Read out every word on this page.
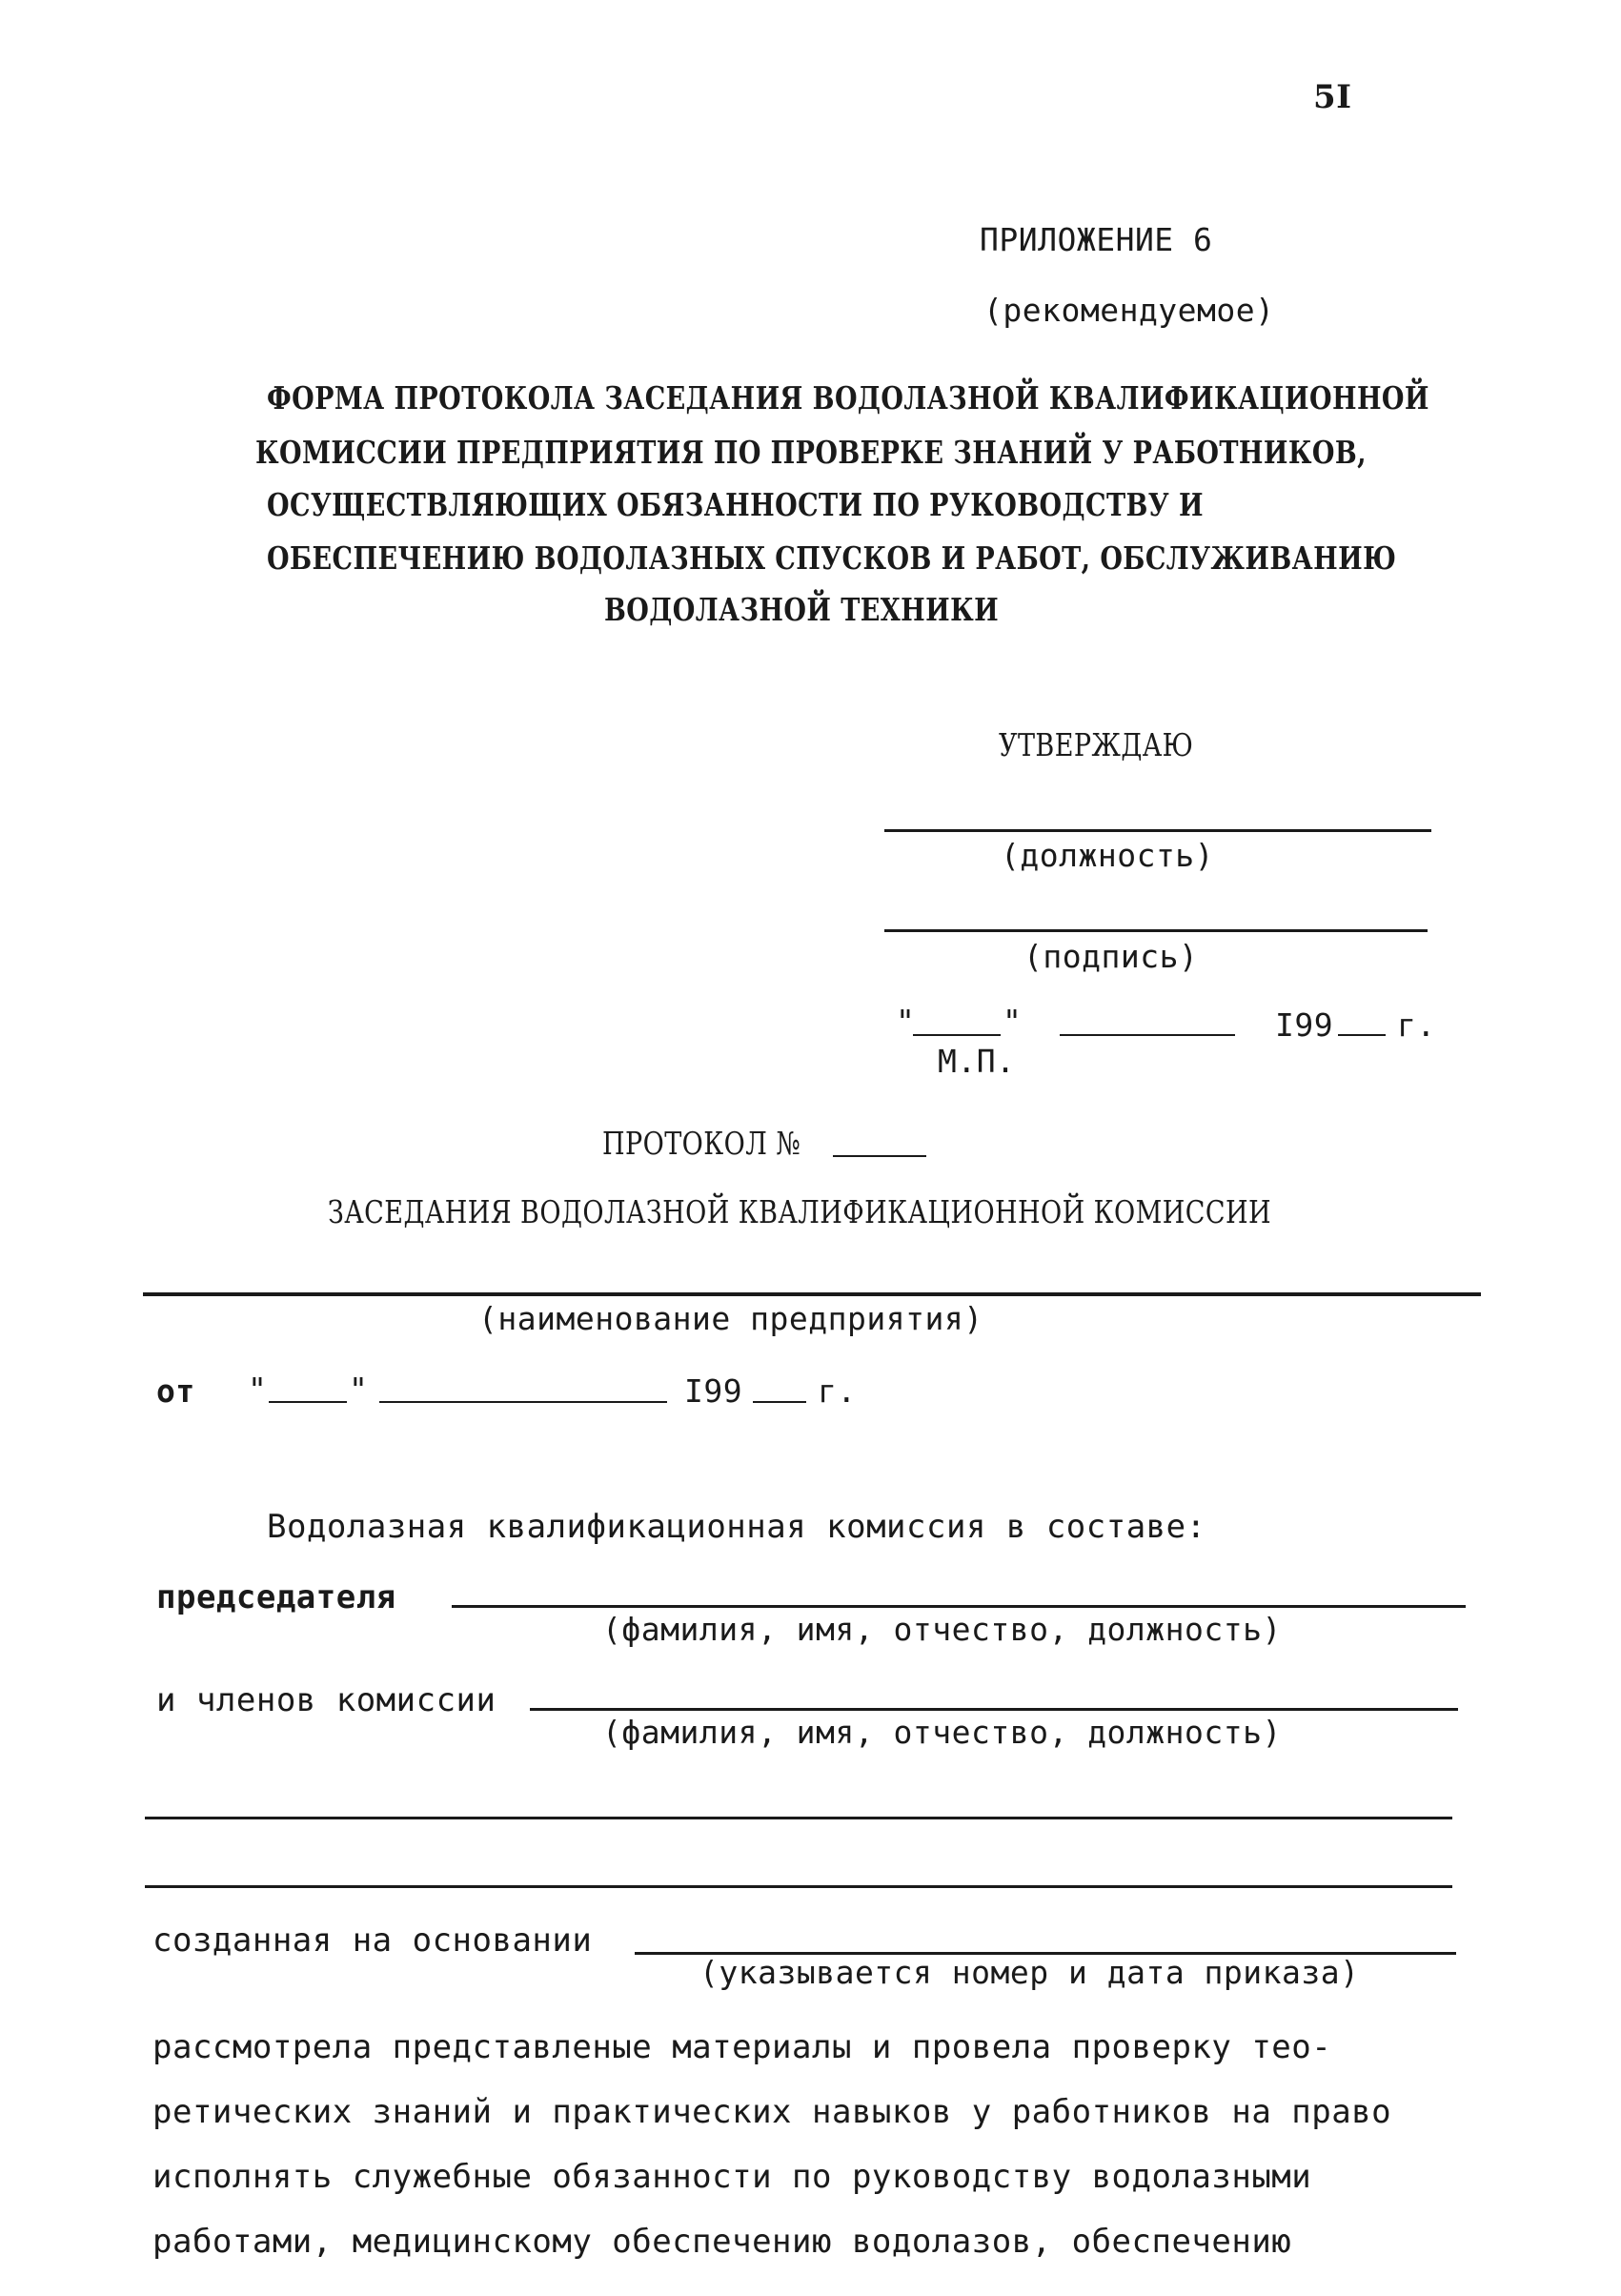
5I
ПРИЛОЖЕНИЕ 6
(рекомендуемое)
ФОРМА ПРОТОКОЛА ЗАСЕДАНИЯ ВОДОЛАЗНОЙ КВАЛИФИКАЦИОННОЙ
КОМИССИИ ПРЕДПРИЯТИЯ ПО ПРОВЕРКЕ ЗНАНИЙ У РАБОТНИКОВ,
ОСУЩЕСТВЛЯЮЩИХ ОБЯЗАННОСТИ ПО РУКОВОДСТВУ И
ОБЕСПЕЧЕНИЮ ВОДОЛАЗНЫХ СПУСКОВ И РАБОТ, ОБСЛУЖИВАНИЮ
ВОДОЛАЗНОЙ ТЕХНИКИ
УТВЕРЖДАЮ
(должность)
(подпись)
"	"	I99 г.
М.П.
ПРОТОКОЛ №
ЗАСЕДАНИЯ ВОДОЛАЗНОЙ КВАЛИФИКАЦИОННОЙ КОМИССИИ
(наименование предприятия)
от "	"	I99 г.
Водолазная квалификационная комиссия в составе:
председателя
(фамилия, имя, отчество, должность)
и членов комиссии
(фамилия, имя, отчество, должность)
созданная на основании
(указывается номер и дата приказа)
рассмотрела представленые материалы и провела проверку тео-
ретических знаний и практических навыков у работников на право
исполнять служебные обязанности по руководству водолазными
работами, медицинскому обеспечению водолазов, обеспечению
